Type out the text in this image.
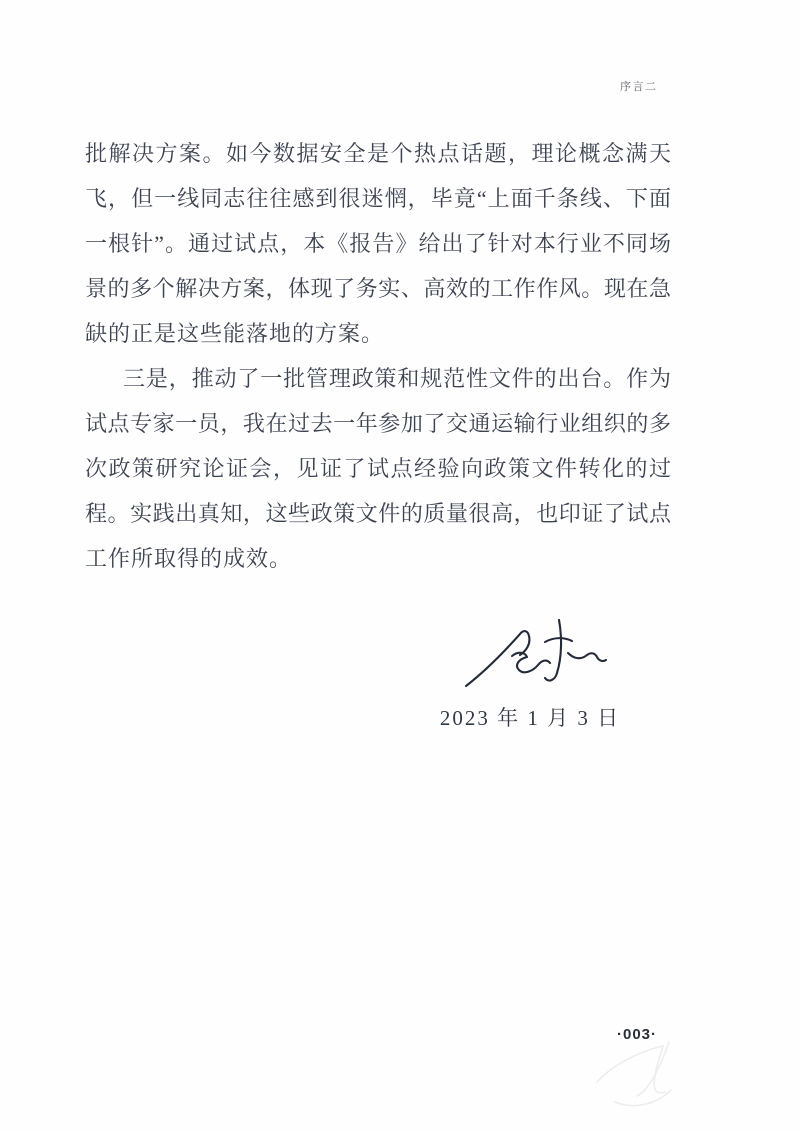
序言二
批解决方案。如今数据安全是个热点话题，理论概念满天
飞，但一线同志往往感到很迷惘，毕竟“上面千条线、下面
一根针”。通过试点，本《报告》给出了针对本行业不同场
景的多个解决方案，体现了务实、高效的工作作风。现在急
缺的正是这些能落地的方案。
三是，推动了一批管理政策和规范性文件的出台。作为
试点专家一员，我在过去一年参加了交通运输行业组织的多
次政策研究论证会，见证了试点经验向政策文件转化的过
程。实践出真知，这些政策文件的质量很高，也印证了试点
工作所取得的成效。
2023 年 1 月 3 日
·003·
